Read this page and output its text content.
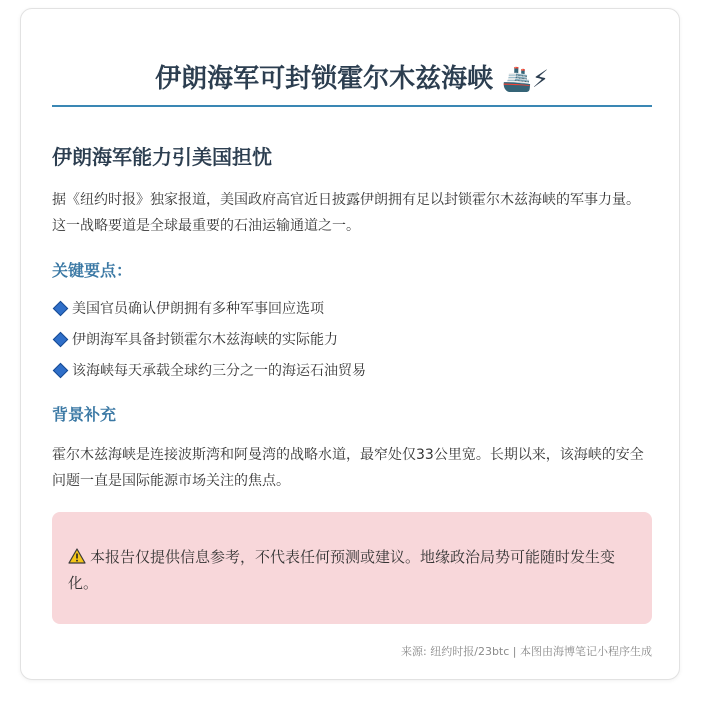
伊朗海军可封锁霍尔木兹海峡 🚢⚡
伊朗海军能力引美国担忧

据《纽约时报》独家报道，美国政府高官近日披露伊朗拥有足以封锁霍尔木兹海峡的军事力量。这一战略要道是全球最重要的石油运输通道之一。

关键要点：
美国官员确认伊朗拥有多种军事回应选项
伊朗海军具备封锁霍尔木兹海峡的实际能力
该海峡每天承载全球约三分之一的海运石油贸易
背景补充

霍尔木兹海峡是连接波斯湾和阿曼湾的战略水道，最窄处仅33公里宽。长期以来，该海峡的安全问题一直是国际能源市场关注的焦点。

本报告仅提供信息参考，不代表任何预测或建议。地缘政治局势可能随时发生变化。
来源: 纽约时报/23btc | 本图由海博笔记小程序生成
